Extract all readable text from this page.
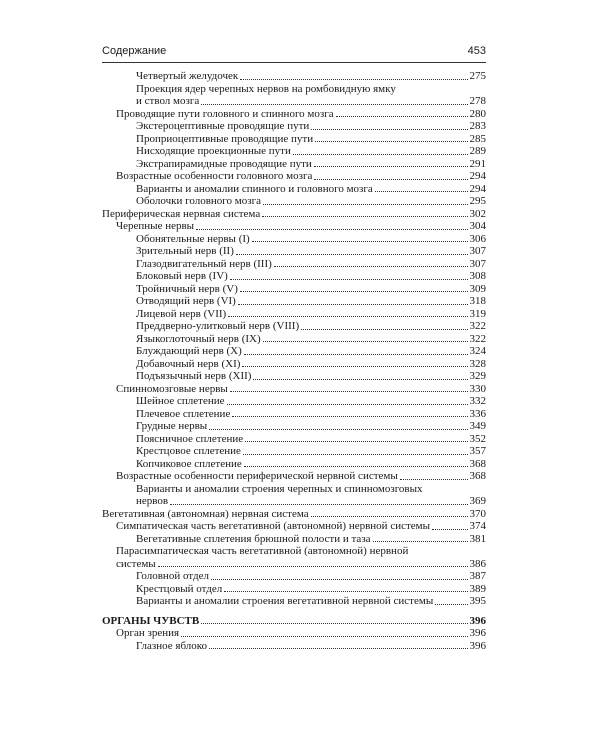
Содержание	453
Четвертый желудочек	275
Проекция ядер черепных нервов на ромбовидную ямку
и ствол мозга	278
Проводящие пути головного и спинного мозга	280
Экстероцептивные проводящие пути	283
Проприоцептивные проводящие пути	285
Нисходящие проекционные пути	289
Экстрапирамидные проводящие пути	291
Возрастные особенности головного мозга	294
Варианты и аномалии спинного и головного мозга	294
Оболочки головного мозга	295
Периферическая нервная система	302
Черепные нервы	304
Обонятельные нервы (I)	306
Зрительный нерв (II)	307
Глазодвигательный нерв (III)	307
Блоковый нерв (IV)	308
Тройничный нерв (V)	309
Отводящий нерв (VI)	318
Лицевой нерв (VII)	319
Преддверно-улитковый нерв (VIII)	322
Языкоглоточный нерв (IX)	322
Блуждающий нерв (X)	324
Добавочный нерв (XI)	328
Подъязычный нерв (XII)	329
Спинномозговые нервы	330
Шейное сплетение	332
Плечевое сплетение	336
Грудные нервы	349
Поясничное сплетение	352
Крестцовое сплетение	357
Копчиковое сплетение	368
Возрастные особенности периферической нервной системы	368
Варианты и аномалии строения черепных и спинномозговых
нервов	369
Вегетативная (автономная) нервная система	370
Симпатическая часть вегетативной (автономной) нервной системы	374
Вегетативные сплетения брюшной полости и таза	381
Парасимпатическая часть вегетативной (автономной) нервной
системы	386
Головной отдел	387
Крестцовый отдел	389
Варианты и аномалии строения вегетативной нервной системы	395
ОРГАНЫ ЧУВСТВ	396
Орган зрения	396
Глазное яблоко	396
